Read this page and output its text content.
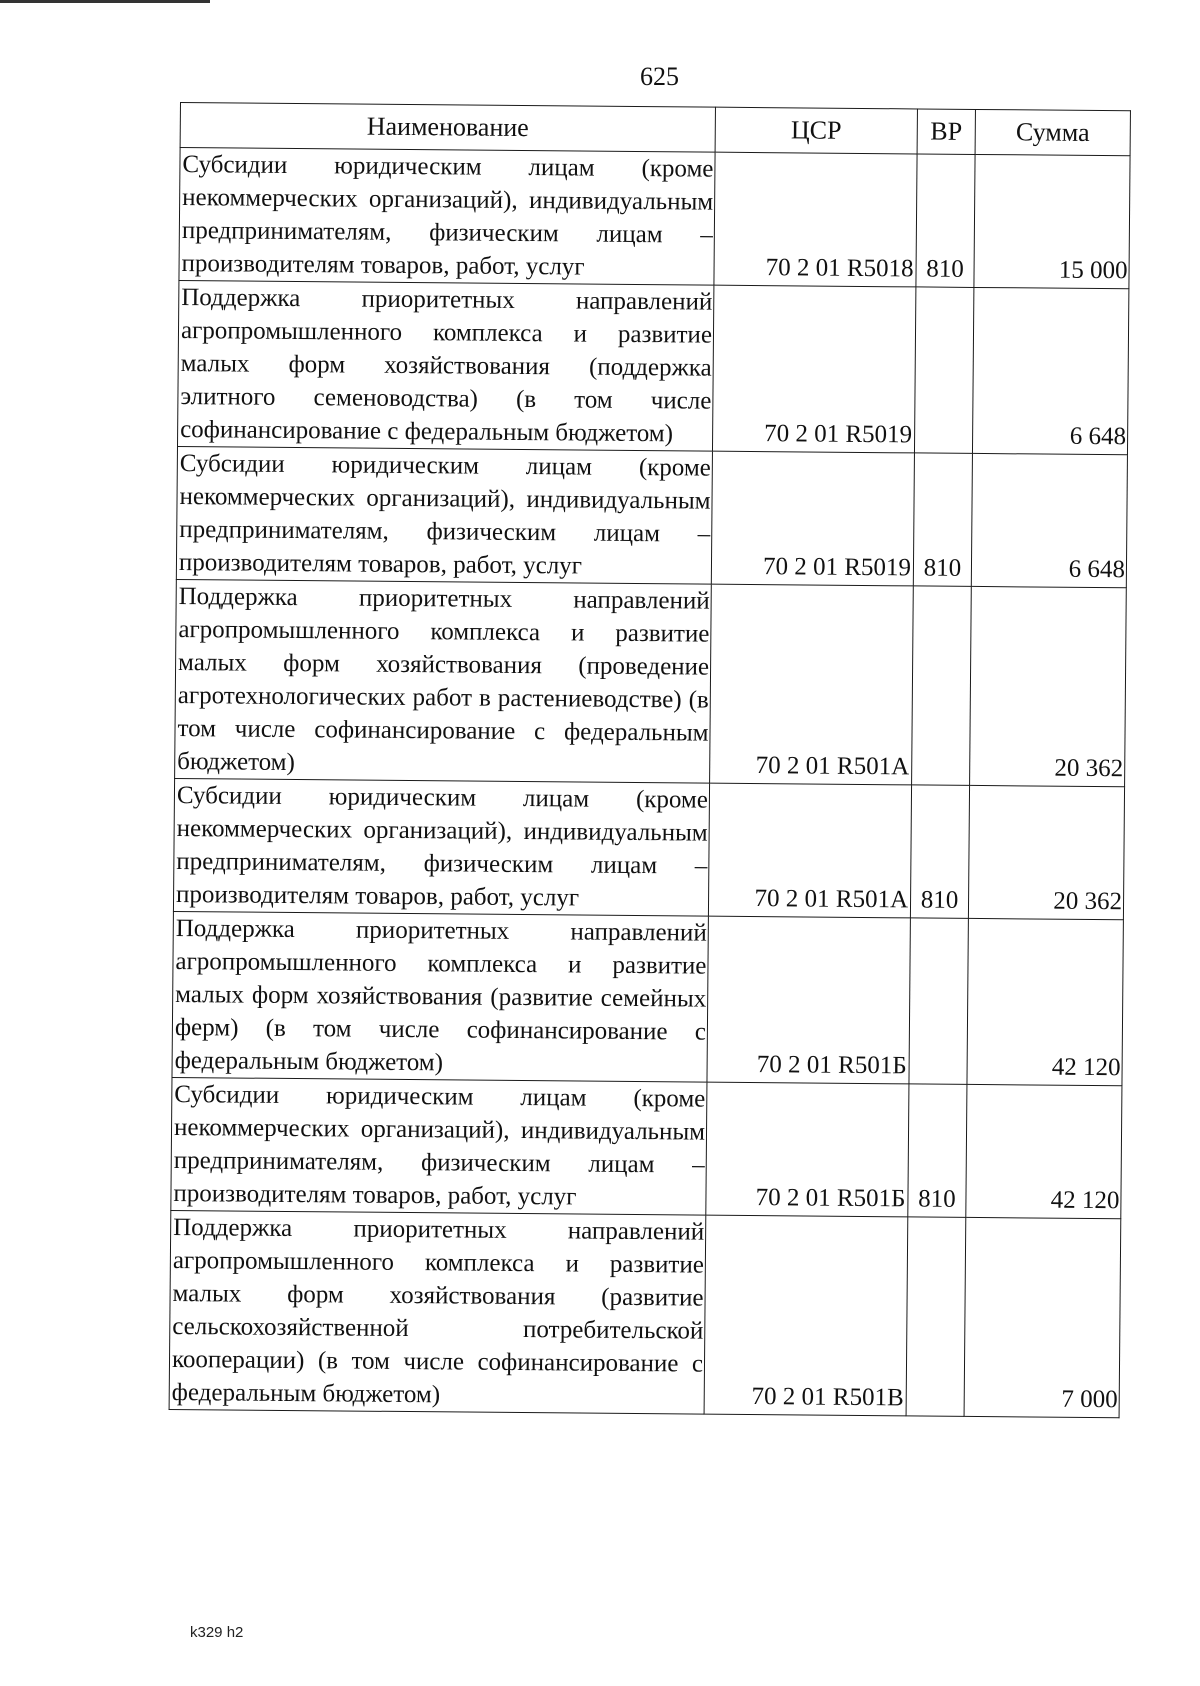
625
Наименование	ЦСР	ВР	Сумма
Субсидии юридическим лицам (кроме некоммерческих организаций), индивидуальным предпринимателям, физическим лицам – производителям товаров, работ, услуг	70 2 01 R5018	810	15 000
Поддержка приоритетных направлений агропромышленного комплекса и развитие малых форм хозяйствования (поддержка элитного семеноводства) (в том числе софинансирование с федеральным бюджетом)	70 2 01 R5019		6 648
Субсидии юридическим лицам (кроме некоммерческих организаций), индивидуальным предпринимателям, физическим лицам – производителям товаров, работ, услуг	70 2 01 R5019	810	6 648
Поддержка приоритетных направлений агропромышленного комплекса и развитие малых форм хозяйствования (проведение агротехнологических работ в растениеводстве) (в том числе софинансирование с федеральным бюджетом)	70 2 01 R501А		20 362
Субсидии юридическим лицам (кроме некоммерческих организаций), индивидуальным предпринимателям, физическим лицам – производителям товаров, работ, услуг	70 2 01 R501А	810	20 362
Поддержка приоритетных направлений агропромышленного комплекса и развитие малых форм хозяйствования (развитие семейных ферм) (в том числе софинансирование с федеральным бюджетом)	70 2 01 R501Б		42 120
Субсидии юридическим лицам (кроме некоммерческих организаций), индивидуальным предпринимателям, физическим лицам – производителям товаров, работ, услуг	70 2 01 R501Б	810	42 120
Поддержка приоритетных направлений агропромышленного комплекса и развитие малых форм хозяйствования (развитие сельскохозяйственной потребительской кооперации) (в том числе софинансирование с федеральным бюджетом)	70 2 01 R501В		7 000
k329 h2
